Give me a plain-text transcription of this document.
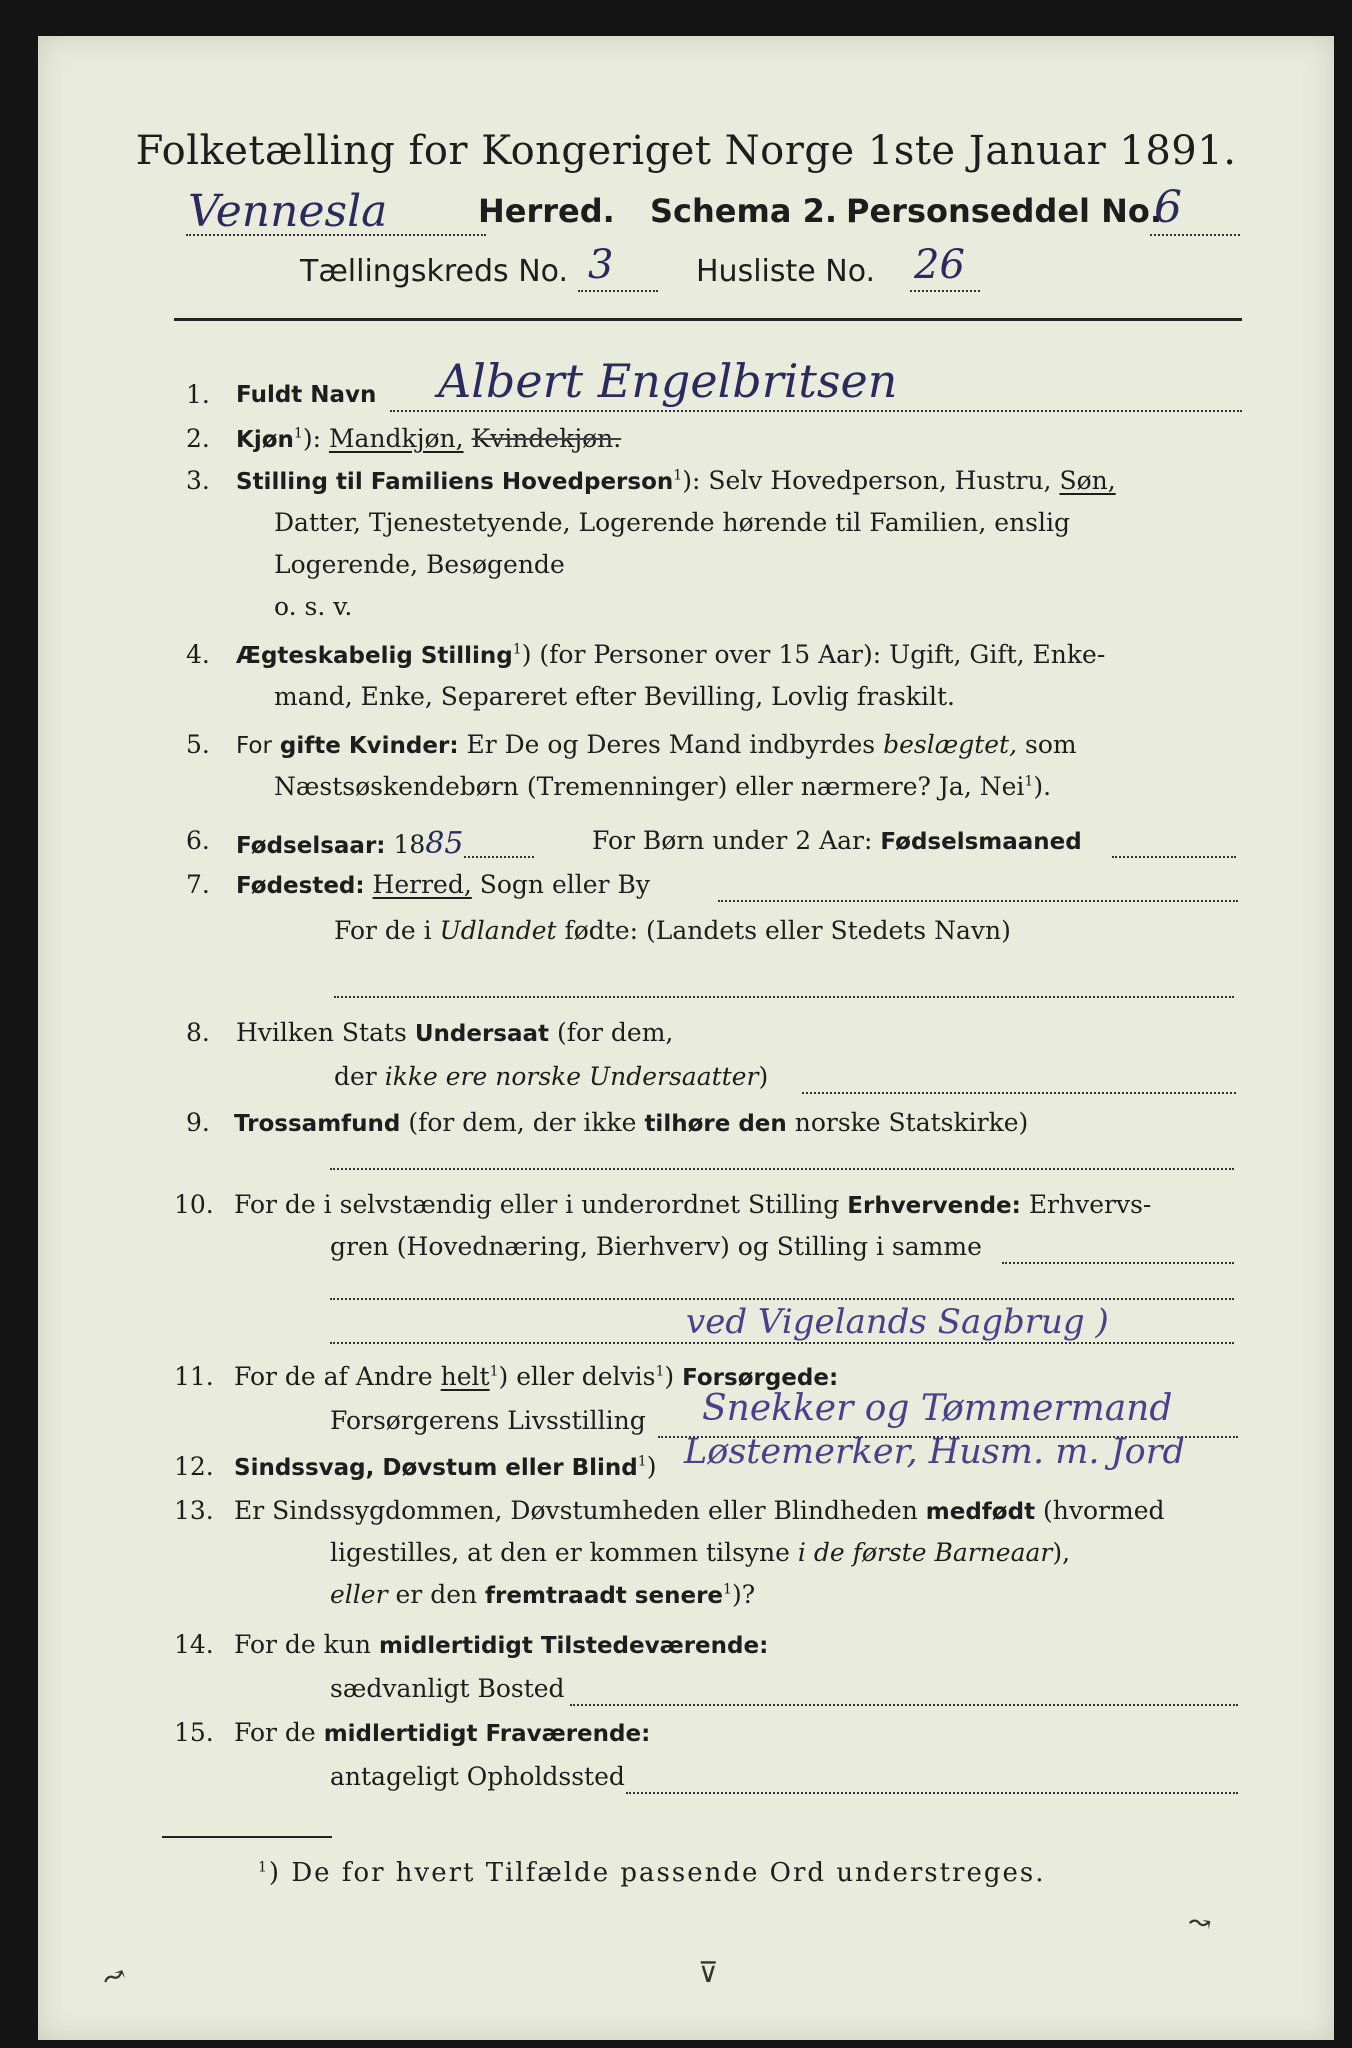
Folketælling for Kongeriget Norge 1ste Januar 1891.
Vennesla	Herred. Schema 2. Personseddel No.
6
Tællingskreds No. 3	Husliste No. 26
1. Fuldt Navn Albert Engelbritsen
2. Kjøn$^1$): Mandkjøn, Kvindekjøn.
3. Stilling til Familiens Hovedperson$^1$): Selv Hovedperson, Hustru, Søn,
Datter, Tjenestetyende, Logerende hørende til Familien, enslig
Logerende, Besøgende
o. s. v.
4. Ægteskabelig Stilling$^1$) (for Personer over 15 Aar): Ugift, Gift, Enke-
mand, Enke, Separeret efter Bevilling, Lovlig fraskilt.
5. For gifte Kvinder: Er De og Deres Mand indbyrdes beslægtet, som
Næstsøskendebørn (Tremenninger) eller nærmere? Ja, Nei$^1$).
6. Fødselsaar: 1885	For Børn under 2 Aar: Fødselsmaaned
7. Fødested: Herred, Sogn eller By
For de i Udlandet fødte: (Landets eller Stedets Navn)
8. Hvilken Stats Undersaat (for dem,
der ikke ere norske Undersaatter)
9. Trossamfund (for dem, der ikke tilhøre den norske Statskirke)
10. For de i selvstændig eller i underordnet Stilling Erhvervende: Erhvervs-
gren (Hovednæring, Bierhverv) og Stilling i samme
ved Vigelands Sagbrug )
11. For de af Andre helt$^1$) eller delvis$^1$) Forsørgede:
Forsørgerens Livsstilling Snekker og Tømmermand
12. Sindssvag, Døvstum eller Blind$^1$) Løstemerker, Husm. m. Jord
13. Er Sindssygdommen, Døvstumheden eller Blindheden medfødt (hvormed
ligestilles, at den er kommen tilsyne i de første Barneaar),
eller er den fremtraadt senere$^1$)?
14. For de kun midlertidigt Tilstedeværende:
sædvanligt Bosted
15. For de midlertidigt Fraværende:
antageligt Opholdssted
$^1$) De for hvert Tilfælde passende Ord understreges.
↝	⊽
↝
